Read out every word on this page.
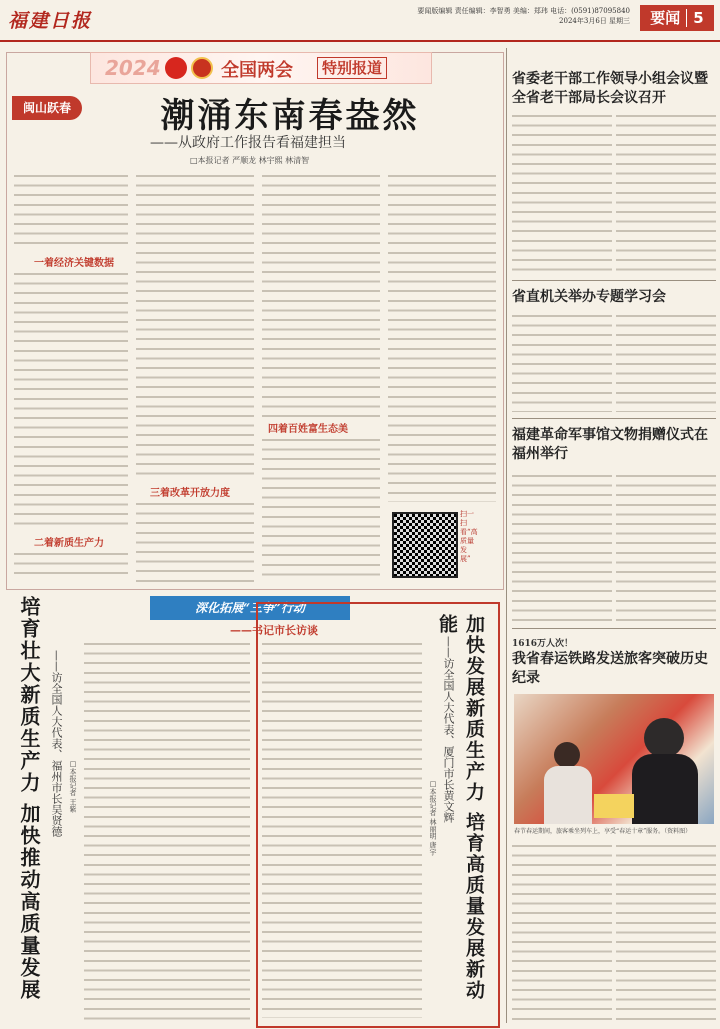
福建日报	要闻版编辑 责任编辑：李智勇 美编：郑玮 电话：(0591)87095840
2024年3月6日 星期三	要闻 5
2024	全国两会	特别报道
闽山跃春	潮涌东南春盎然
——从政府工作报告看福建担当
□本报记者 严顺龙 林宇熙 林清智
一着经济关键数据
二着新质生产力
三着改革开放力度
四着百姓富生态美
扫一扫 看“高质量发展”
深化拓展“三争”行动
——书记市长访谈
培育壮大新质生产力 加快推动高质量发展 ——访全国人大代表、福州市长吴贤德 □本报记者 王紫	加快发展新质生产力 培育高质量发展新动能
——访全国人大代表、厦门市长黄文辉
□本报记者 林丽明 唐宇
省委老干部工作领导小组会议暨全省老干部局长会议召开
省直机关举办专题学习会
福建革命军事馆文物捐赠仪式在福州举行
1616万人次！
我省春运铁路发送旅客突破历史纪录
春节春运期间，旅客乘坐列车上，享受“春运十章”服务。（资料图）
